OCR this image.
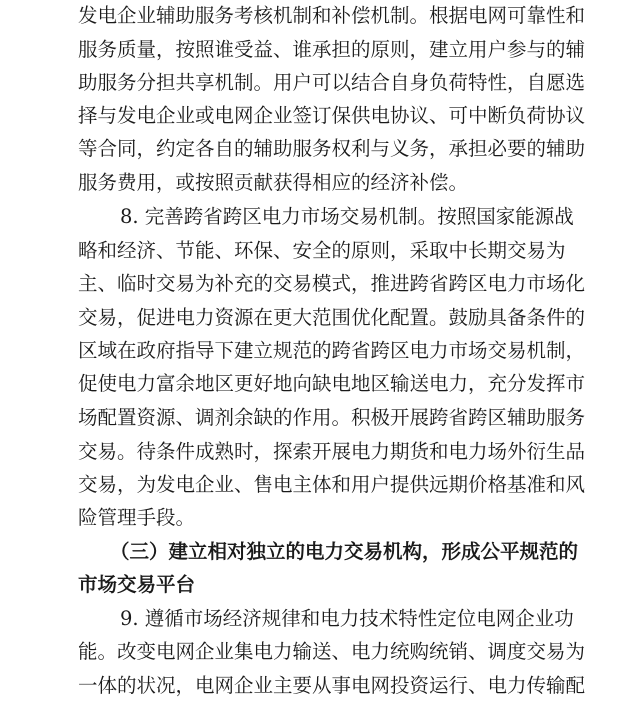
发电企业辅助服务考核机制和补偿机制。根据电网可靠性和
服务质量，按照谁受益、谁承担的原则，建立用户参与的辅
助服务分担共享机制。用户可以结合自身负荷特性，自愿选
择与发电企业或电网企业签订保供电协议、可中断负荷协议
等合同，约定各自的辅助服务权利与义务，承担必要的辅助
服务费用，或按照贡献获得相应的经济补偿。
8. 完善跨省跨区电力市场交易机制。按照国家能源战
略和经济、节能、环保、安全的原则，采取中长期交易为
主、临时交易为补充的交易模式，推进跨省跨区电力市场化
交易，促进电力资源在更大范围优化配置。鼓励具备条件的
区域在政府指导下建立规范的跨省跨区电力市场交易机制，
促使电力富余地区更好地向缺电地区输送电力，充分发挥市
场配置资源、调剂余缺的作用。积极开展跨省跨区辅助服务
交易。待条件成熟时，探索开展电力期货和电力场外衍生品
交易，为发电企业、售电主体和用户提供远期价格基准和风
险管理手段。
（三）建立相对独立的电力交易机构，形成公平规范的
市场交易平台
9. 遵循市场经济规律和电力技术特性定位电网企业功
能。改变电网企业集电力输送、电力统购统销、调度交易为
一体的状况，电网企业主要从事电网投资运行、电力传输配
